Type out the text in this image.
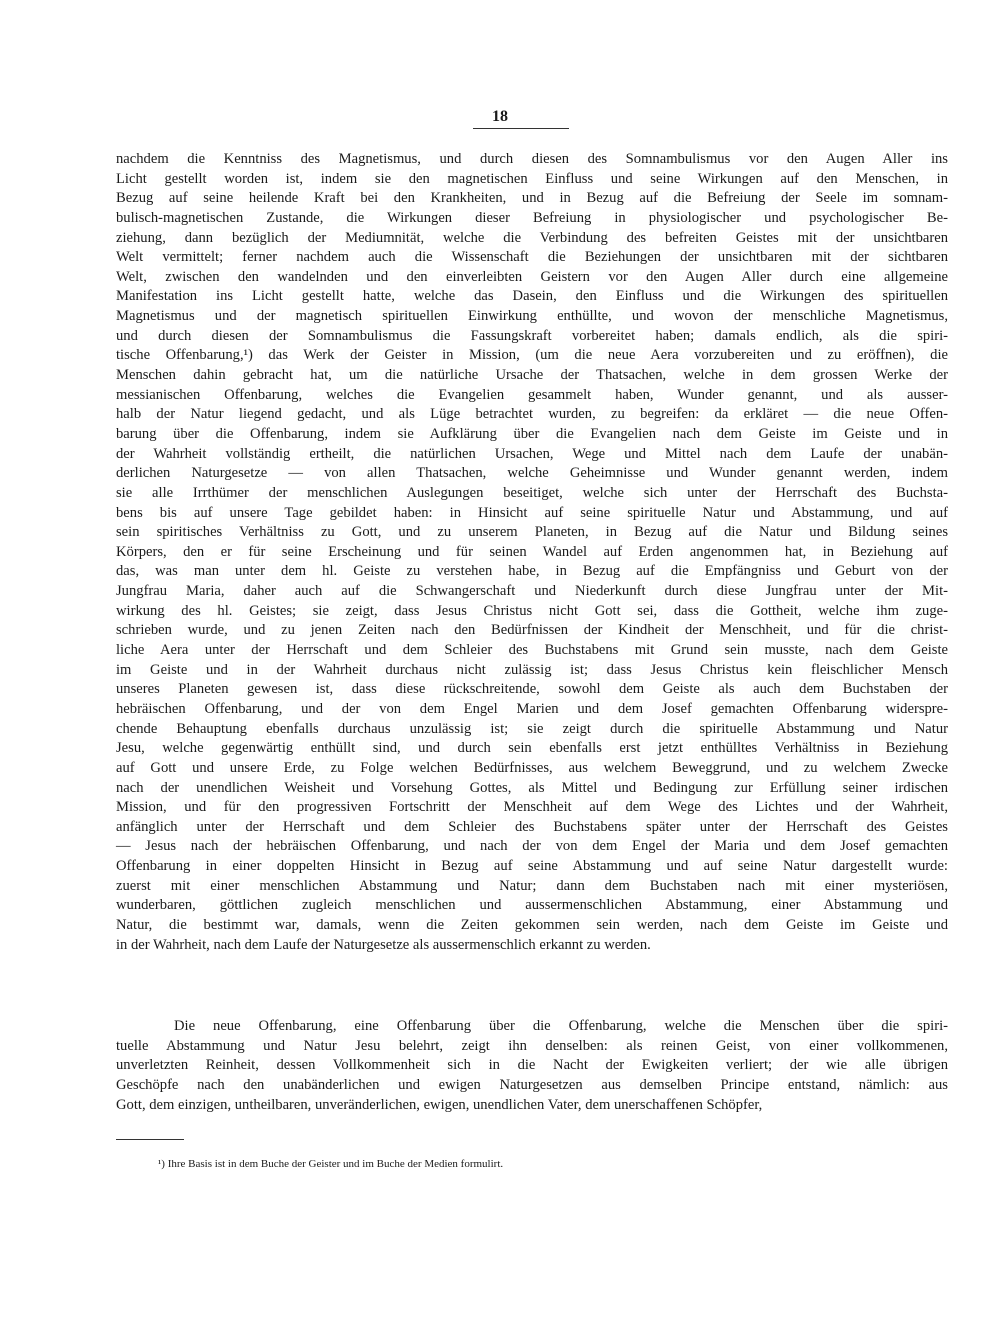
18
nachdem die Kenntniss des Magnetismus, und durch diesen des Somnambulismus vor den Augen Aller ins
Licht gestellt worden ist, indem sie den magnetischen Einfluss und seine Wirkungen auf den Menschen, in
Bezug auf seine heilende Kraft bei den Krankheiten, und in Bezug auf die Befreiung der Seele im somnam-
bulisch-magnetischen Zustande, die Wirkungen dieser Befreiung in physiologischer und psychologischer Be-
ziehung, dann bezüglich der Mediumnität, welche die Verbindung des befreiten Geistes mit der unsichtbaren
Welt vermittelt; ferner nachdem auch die Wissenschaft die Beziehungen der unsichtbaren mit der sichtbaren
Welt, zwischen den wandelnden und den einverleibten Geistern vor den Augen Aller durch eine allgemeine
Manifestation ins Licht gestellt hatte, welche das Dasein, den Einfluss und die Wirkungen des spirituellen
Magnetismus und der magnetisch spirituellen Einwirkung enthüllte, und wovon der menschliche Magnetismus,
und durch diesen der Somnambulismus die Fassungskraft vorbereitet haben; damals endlich, als die spiri-
tische Offenbarung,¹) das Werk der Geister in Mission, (um die neue Aera vorzubereiten und zu eröffnen), die
Menschen dahin gebracht hat, um die natürliche Ursache der Thatsachen, welche in dem grossen Werke der
messianischen Offenbarung, welches die Evangelien gesammelt haben, Wunder genannt, und als ausser-
halb der Natur liegend gedacht, und als Lüge betrachtet wurden, zu begreifen: da erkläret — die neue Offen-
barung über die Offenbarung, indem sie Aufklärung über die Evangelien nach dem Geiste im Geiste und in
der Wahrheit vollständig ertheilt, die natürlichen Ursachen, Wege und Mittel nach dem Laufe der unabän-
derlichen Naturgesetze — von allen Thatsachen, welche Geheimnisse und Wunder genannt werden, indem
sie alle Irrthümer der menschlichen Auslegungen beseitiget, welche sich unter der Herrschaft des Buchsta-
bens bis auf unsere Tage gebildet haben: in Hinsicht auf seine spirituelle Natur und Abstammung, und auf
sein spiritisches Verhältniss zu Gott, und zu unserem Planeten, in Bezug auf die Natur und Bildung seines
Körpers, den er für seine Erscheinung und für seinen Wandel auf Erden angenommen hat, in Beziehung auf
das, was man unter dem hl. Geiste zu verstehen habe, in Bezug auf die Empfängniss und Geburt von der
Jungfrau Maria, daher auch auf die Schwangerschaft und Niederkunft durch diese Jungfrau unter der Mit-
wirkung des hl. Geistes; sie zeigt, dass Jesus Christus nicht Gott sei, dass die Gottheit, welche ihm zuge-
schrieben wurde, und zu jenen Zeiten nach den Bedürfnissen der Kindheit der Menschheit, und für die christ-
liche Aera unter der Herrschaft und dem Schleier des Buchstabens mit Grund sein musste, nach dem Geiste
im Geiste und in der Wahrheit durchaus nicht zulässig ist; dass Jesus Christus kein fleischlicher Mensch
unseres Planeten gewesen ist, dass diese rückschreitende, sowohl dem Geiste als auch dem Buchstaben der
hebräischen Offenbarung, und der von dem Engel Marien und dem Josef gemachten Offenbarung widerspre-
chende Behauptung ebenfalls durchaus unzulässig ist; sie zeigt durch die spirituelle Abstammung und Natur
Jesu, welche gegenwärtig enthüllt sind, und durch sein ebenfalls erst jetzt enthülltes Verhältniss in Beziehung
auf Gott und unsere Erde, zu Folge welchen Bedürfnisses, aus welchem Beweggrund, und zu welchem Zwecke
nach der unendlichen Weisheit und Vorsehung Gottes, als Mittel und Bedingung zur Erfüllung seiner irdischen
Mission, und für den progressiven Fortschritt der Menschheit auf dem Wege des Lichtes und der Wahrheit,
anfänglich unter der Herrschaft und dem Schleier des Buchstabens später unter der Herrschaft des Geistes
— Jesus nach der hebräischen Offenbarung, und nach der von dem Engel der Maria und dem Josef gemachten
Offenbarung in einer doppelten Hinsicht in Bezug auf seine Abstammung und auf seine Natur dargestellt wurde:
zuerst mit einer menschlichen Abstammung und Natur; dann dem Buchstaben nach mit einer mysteriösen,
wunderbaren, göttlichen zugleich menschlichen und aussermenschlichen Abstammung, einer Abstammung und
Natur, die bestimmt war, damals, wenn die Zeiten gekommen sein werden, nach dem Geiste im Geiste und
in der Wahrheit, nach dem Laufe der Naturgesetze als aussermenschlich erkannt zu werden.
Die neue Offenbarung, eine Offenbarung über die Offenbarung, welche die Menschen über die spiri-
tuelle Abstammung und Natur Jesu belehrt, zeigt ihn denselben: als reinen Geist, von einer vollkommenen,
unverletzten Reinheit, dessen Vollkommenheit sich in die Nacht der Ewigkeiten verliert; der wie alle übrigen
Geschöpfe nach den unabänderlichen und ewigen Naturgesetzen aus demselben Principe entstand, nämlich: aus
Gott, dem einzigen, untheilbaren, unveränderlichen, ewigen, unendlichen Vater, dem unerschaffenen Schöpfer,
¹) Ihre Basis ist in dem Buche der Geister und im Buche der Medien formulirt.
